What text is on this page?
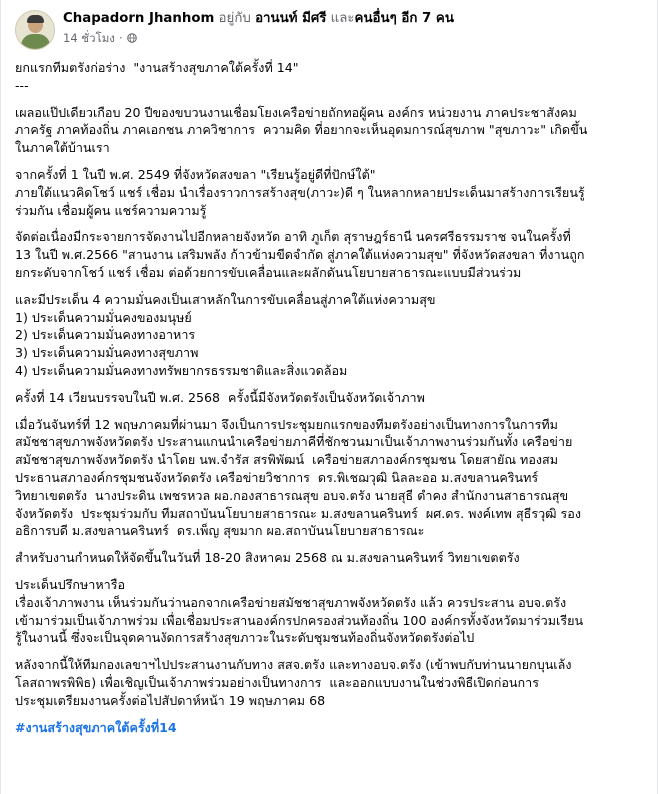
Chapadorn Jhanhom อยู่กับ อานนท์ มีศรี และคนอื่นๆ อีก 7 คน
14 ชั่วโมง ·

ยกแรกทีมตรังก่อร่าง  "งานสร้างสุขภาคใต้ครั้งที่ 14"

---

เผลอแป๊ปเดียวเกือบ 20 ปีของขบวนงานเชื่อมโยงเครือข่ายถักทอผู้คน องค์กร หน่วยงาน ภาคประชาสังคม

ภาครัฐ ภาคท้องถิ่น ภาคเอกชน ภาควิชาการ  ความคิด ที่อยากจะเห็นอุดมการณ์สุขภาพ "สุขภาวะ" เกิดขึ้น

ในภาคใต้บ้านเรา

จากครั้งที่ 1 ในปี พ.ศ. 2549 ที่จังหวัดสงขลา "เรียนรู้อยู่ดีที่ปักษ์ใต้"

ภายใต้แนวคิดโชว์ แชร์ เชื่อม นำเรื่องราวการสร้างสุข(ภาวะ)ดี ๆ ในหลากหลายประเด็นมาสร้างการเรียนรู้

ร่วมกัน เชื่อมผู้คน แชร์ความความรู้

จัดต่อเนื่องมีกระจายการจัดงานไปอีกหลายจังหวัด อาทิ ภูเก็ต สุราษฎร์ธานี นครศรีธรรมราช จนในครั้งที่

13 ในปี พ.ศ.2566 "สานงาน เสริมพลัง ก้าวข้ามขีดจำกัด สู่ภาคใต้แห่งความสุข" ที่จังหวัดสงขลา ที่งานถูก

ยกระดับจากโชว์ แชร์ เชื่อม ต่อด้วยการขับเคลื่อนและผลักดันนโยบายสาธารณะแบบมีส่วนร่วม

และมีประเด็น 4 ความมั่นคงเป็นเสาหลักในการขับเคลื่อนสู่ภาคใต้แห่งความสุข

1) ประเด็นความมั่นคงของมนุษย์

2) ประเด็นความมั่นคงทางอาหาร

3) ประเด็นความมั่นคงทางสุขภาพ

4) ประเด็นความมั่นคงทางทรัพยากรธรรมชาติและสิ่งแวดล้อม

ครั้งที่ 14 เวียนบรรจบในปี พ.ศ. 2568  ครั้งนี้มีจังหวัดตรังเป็นจังหวัดเจ้าภาพ

เมื่อวันจันทร์ที่ 12 พฤษภาคมที่ผ่านมา จึงเป็นการประชุมยกแรกของทีมตรังอย่างเป็นทางการในการทีม

สมัชชาสุขภาพจังหวัดตรัง ประสานแกนนำเครือข่ายภาคีที่ชักชวนมาเป็นเจ้าภาพงานร่วมกันทั้ง เครือข่าย

สมัชชาสุขภาพจังหวัดตรัง นำโดย นพ.จำรัส สรพิพัฒน์  เครือข่ายสภาองค์กรชุมชน โดยสายัณ ทองสม

ประธานสภาองค์กรชุมชนจังหวัดตรัง เครือข่ายวิชาการ  ดร.พิเชฌวุฒิ นิลละออ ม.สงขลานครินทร์

วิทยาเขตตรัง  นางประดิน เพชรหวล ผอ.กองสาธารณสุข อบจ.ตรัง นายสุธี ดำคง สำนักงานสาธารณสุข

จังหวัดตรัง  ประชุมร่วมกับ ทีมสถาบันนโยบายสาธารณะ ม.สงขลานครินทร์  ผศ.ดร. พงค์เทพ สุธีรวุฒิ รอง

อธิการบดี ม.สงขลานครินทร์  ดร.เพ็ญ สุขมาก ผอ.สถาบันนโยบายสาธารณะ

สำหรับงานกำหนดให้จัดขึ้นในวันที่ 18-20 สิงหาคม 2568 ณ ม.สงขลานครินทร์ วิทยาเขตตรัง

ประเด็นปรึกษาหารือ

เรื่องเจ้าภาพงาน เห็นร่วมกันว่านอกจากเครือข่ายสมัชชาสุขภาพจังหวัดตรัง แล้ว ควรประสาน อบจ.ตรัง

เข้ามาร่วมเป็นเจ้าภาพร่วม เพื่อเชื่อมประสานองค์กรปกครองส่วนท้องถิ่น 100 องค์กรทั้งจังหวัดมาร่วมเรียน

รู้ในงานนี้ ซึ่งจะเป็นจุดคานงัดการสร้างสุขภาวะในระดับชุมชนท้องถิ่นจังหวัดตรังต่อไป

หลังจากนี้ให้ทีมกองเลขาฯไปประสานงานกับทาง สสจ.ตรัง และทางอบจ.ตรัง (เข้าพบกับท่านนายกบุนเล้ง

โลสถาพรพิพิธ) เพื่อเชิญเป็นเจ้าภาพร่วมอย่างเป็นทางการ  และออกแบบงานในช่วงพิธีเปิดก่อนการ

ประชุมเตรียมงานครั้งต่อไปสัปดาห์หน้า 19 พฤษภาคม 68

#งานสร้างสุขภาคใต้ครั้งที่14
